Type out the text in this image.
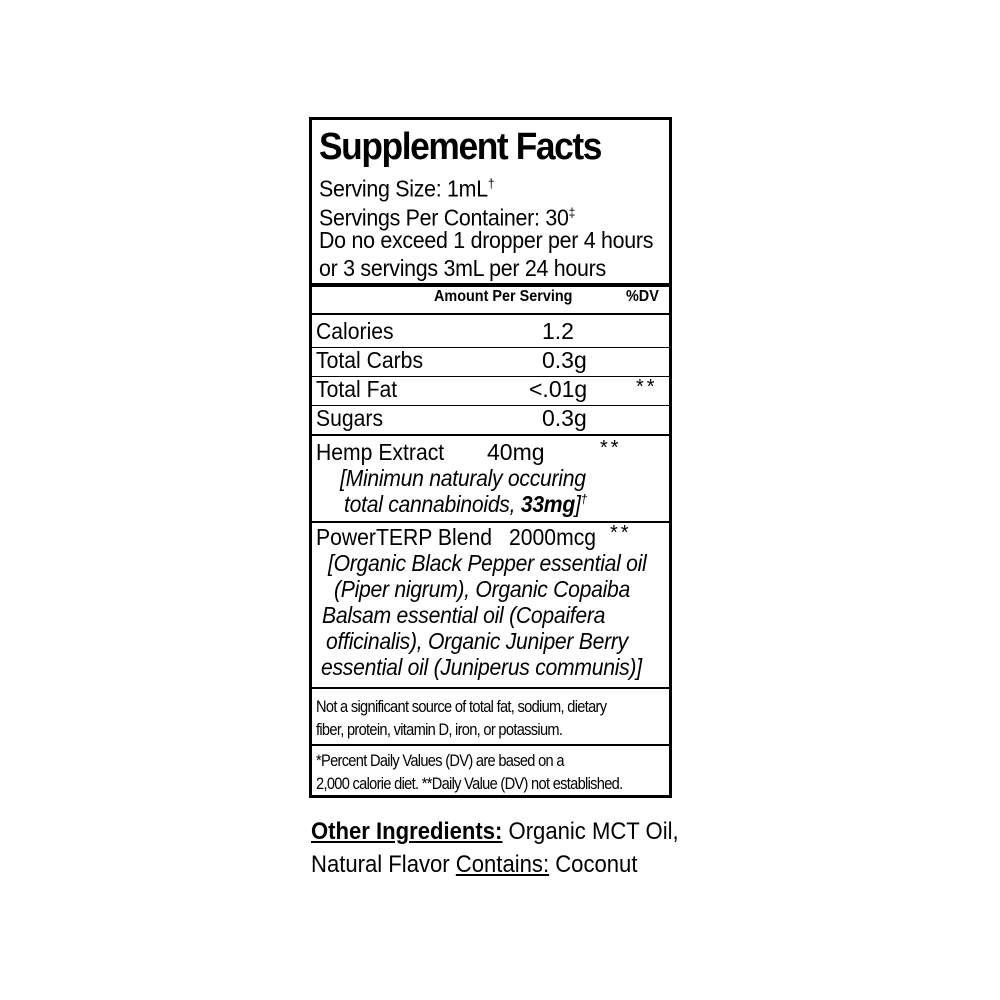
Supplement Facts
Serving Size: 1mL†
Servings Per Container: 30‡
Do no exceed 1 dropper per 4 hours
or 3 servings 3mL per 24 hours
Amount Per Serving	%DV
Calories	1.2
Total Carbs	0.3g
Total Fat	<.01g **
Sugars	0.3g
Hemp Extract 40mg	**
[Minimun naturaly occuring
total cannabinoids, 33mg]†
PowerTERP Blend 2000mcg **
[Organic Black Pepper essential oil
(Piper nigrum), Organic Copaiba
Balsam essential oil (Copaifera
officinalis), Organic Juniper Berry
essential oil (Juniperus communis)]
Not a significant source of total fat, sodium, dietary
fiber, protein, vitamin D, iron, or potassium.
*Percent Daily Values (DV) are based on a
2,000 calorie diet. **Daily Value (DV) not established.
Other Ingredients: Organic MCT Oil,
Natural Flavor Contains: Coconut
